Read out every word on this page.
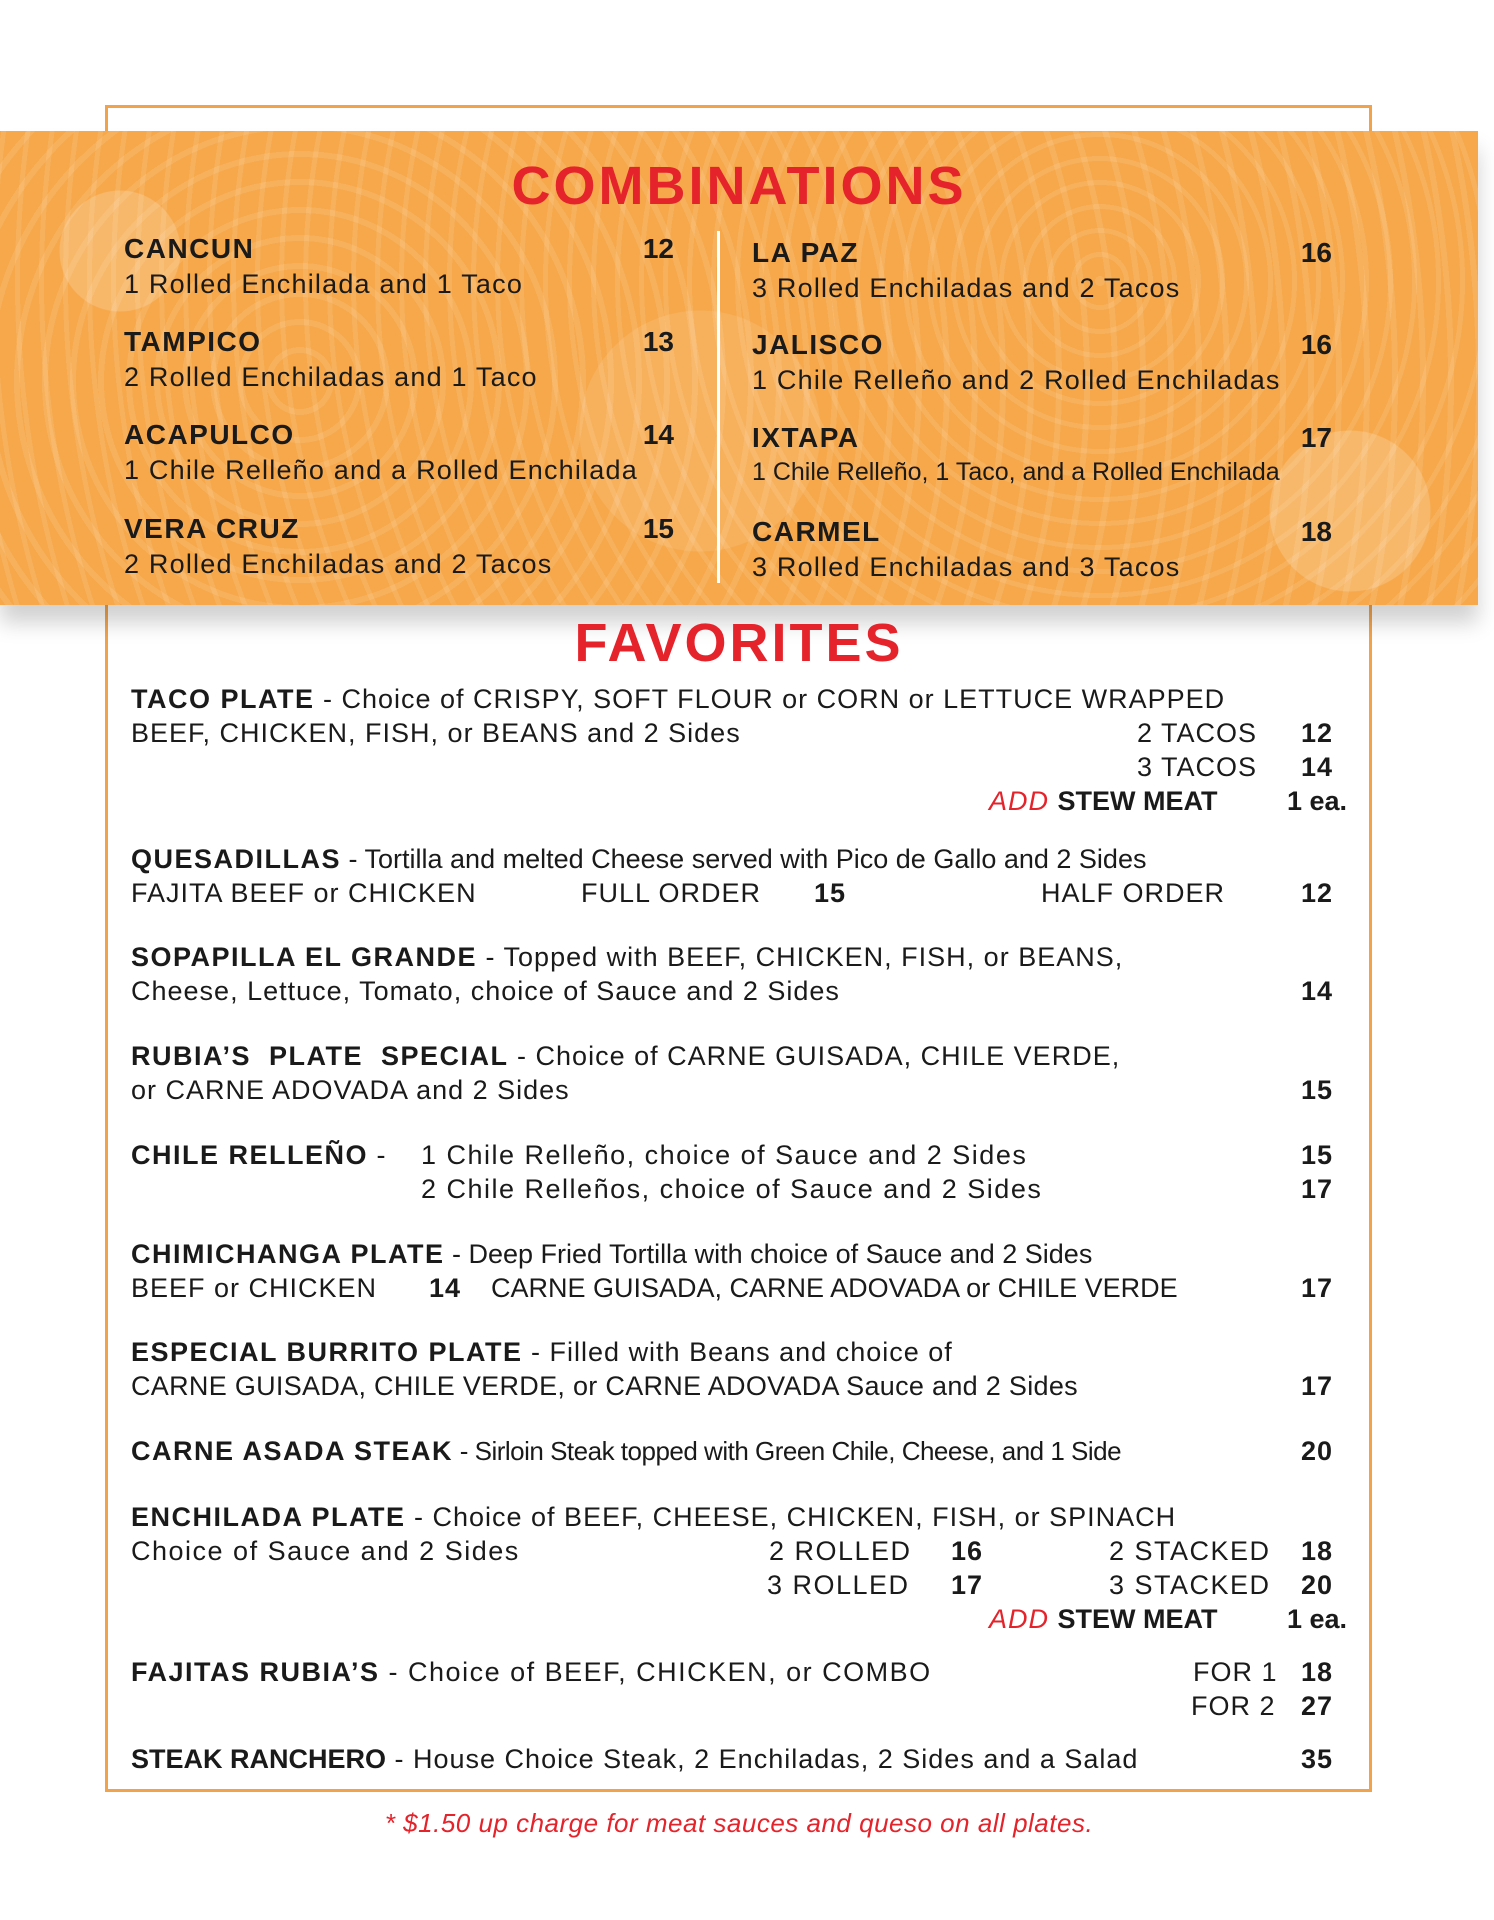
COMBINATIONS
CANCUN	12
1 Rolled Enchilada and 1 Taco
TAMPICO	13
2 Rolled Enchiladas and 1 Taco
ACAPULCO	14
1 Chile Relleño and a Rolled Enchilada
VERA CRUZ	15
2 Rolled Enchiladas and 2 Tacos
LA PAZ	16
3 Rolled Enchiladas and 2 Tacos
JALISCO	16
1 Chile Relleño and 2 Rolled Enchiladas
IXTAPA	17
1 Chile Relleño, 1 Taco, and a Rolled Enchilada
CARMEL	18
3 Rolled Enchiladas and 3 Tacos
FAVORITES
TACO PLATE - Choice of CRISPY, SOFT FLOUR or CORN or LETTUCE WRAPPED
BEEF, CHICKEN, FISH, or BEANS and 2 Sides	2 TACOS 12
3 TACOS 14
ADD STEW MEAT	1 ea.
QUESADILLAS - Tortilla and melted Cheese served with Pico de Gallo and 2 Sides
FAJITA BEEF or CHICKEN	FULL ORDER 15	HALF ORDER	12
SOPAPILLA EL GRANDE - Topped with BEEF, CHICKEN, FISH, or BEANS,
Cheese, Lettuce, Tomato, choice of Sauce and 2 Sides	14
RUBIA’S  PLATE  SPECIAL - Choice of CARNE GUISADA, CHILE VERDE,
or CARNE ADOVADA and 2 Sides	15
CHILE RELLEÑO - 1 Chile Relleño, choice of Sauce and 2 Sides	15
2 Chile Relleños, choice of Sauce and 2 Sides	17
CHIMICHANGA PLATE - Deep Fried Tortilla with choice of Sauce and 2 Sides
BEEF or CHICKEN 14 CARNE GUISADA, CARNE ADOVADA or CHILE VERDE	17
ESPECIAL BURRITO PLATE - Filled with Beans and choice of
CARNE GUISADA, CHILE VERDE, or CARNE ADOVADA Sauce and 2 Sides	17
CARNE ASADA STEAK - Sirloin Steak topped with Green Chile, Cheese, and 1 Side	20
ENCHILADA PLATE - Choice of BEEF, CHEESE, CHICKEN, FISH, or SPINACH
Choice of Sauce and 2 Sides	2 ROLLED 16	2 STACKED 18
3 ROLLED 17	3 STACKED 20
ADD STEW MEAT	1 ea.
FAJITAS RUBIA’S - Choice of BEEF, CHICKEN, or COMBO	FOR 1 18
FOR 2 27
STEAK RANCHERO - House Choice Steak, 2 Enchiladas, 2 Sides and a Salad	35
* $1.50 up charge for meat sauces and queso on all plates.
